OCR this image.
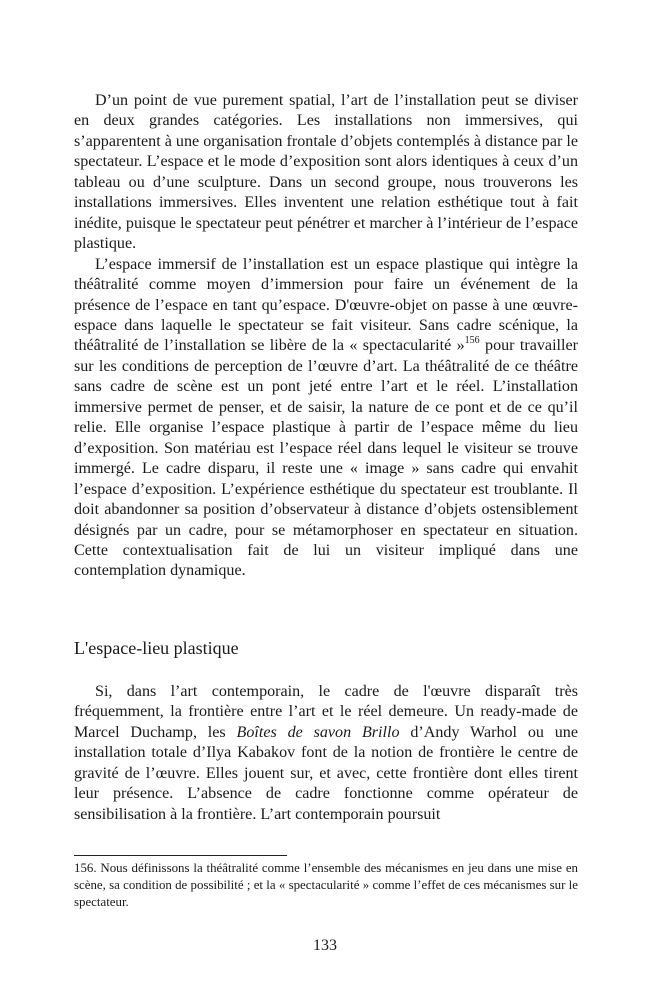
D’un point de vue purement spatial, l’art de l’installation peut se diviser en deux grandes catégories. Les installations non immersives, qui s’apparentent à une organisation frontale d’objets contemplés à distance par le spectateur. L’espace et le mode d’exposition sont alors identiques à ceux d’un tableau ou d’une sculpture. Dans un second groupe, nous trouverons les installations immersives. Elles inventent une relation esthétique tout à fait inédite, puisque le spectateur peut pénétrer et marcher à l’intérieur de l’espace plastique.

L’espace immersif de l’installation est un espace plastique qui intègre la théâtralité comme moyen d’immersion pour faire un événement de la présence de l’espace en tant qu’espace. D'œuvre-objet on passe à une œuvre-espace dans laquelle le spectateur se fait visiteur. Sans cadre scénique, la théâtralité de l’installation se libère de la « spectacularité »$^{156}$ pour travailler sur les conditions de perception de l’œuvre d’art. La théâtralité de ce théâtre sans cadre de scène est un pont jeté entre l’art et le réel. L’installation immersive permet de penser, et de saisir, la nature de ce pont et de ce qu’il relie. Elle organise l’espace plastique à partir de l’espace même du lieu d’exposition. Son matériau est l’espace réel dans lequel le visiteur se trouve immergé. Le cadre disparu, il reste une « image » sans cadre qui envahit l’espace d’exposition. L’expérience esthétique du spectateur est troublante. Il doit abandonner sa position d’observateur à distance d’objets ostensiblement désignés par un cadre, pour se métamorphoser en spectateur en situation. Cette contextualisation fait de lui un visiteur impliqué dans une contemplation dynamique.

L'espace-lieu plastique

Si, dans l’art contemporain, le cadre de l'œuvre disparaît très fréquemment, la frontière entre l’art et le réel demeure. Un ready-made de Marcel Duchamp, les Boîtes de savon Brillo d’Andy Warhol ou une installation totale d’Ilya Kabakov font de la notion de frontière le centre de gravité de l’œuvre. Elles jouent sur, et avec, cette frontière dont elles tirent leur présence. L’absence de cadre fonctionne comme opérateur de sensibilisation à la frontière. L’art contemporain poursuit

156. Nous définissons la théâtralité comme l’ensemble des mécanismes en jeu dans une mise en scène, sa condition de possibilité ; et la « spectacularité » comme l’effet de ces mécanismes sur le spectateur.

133
